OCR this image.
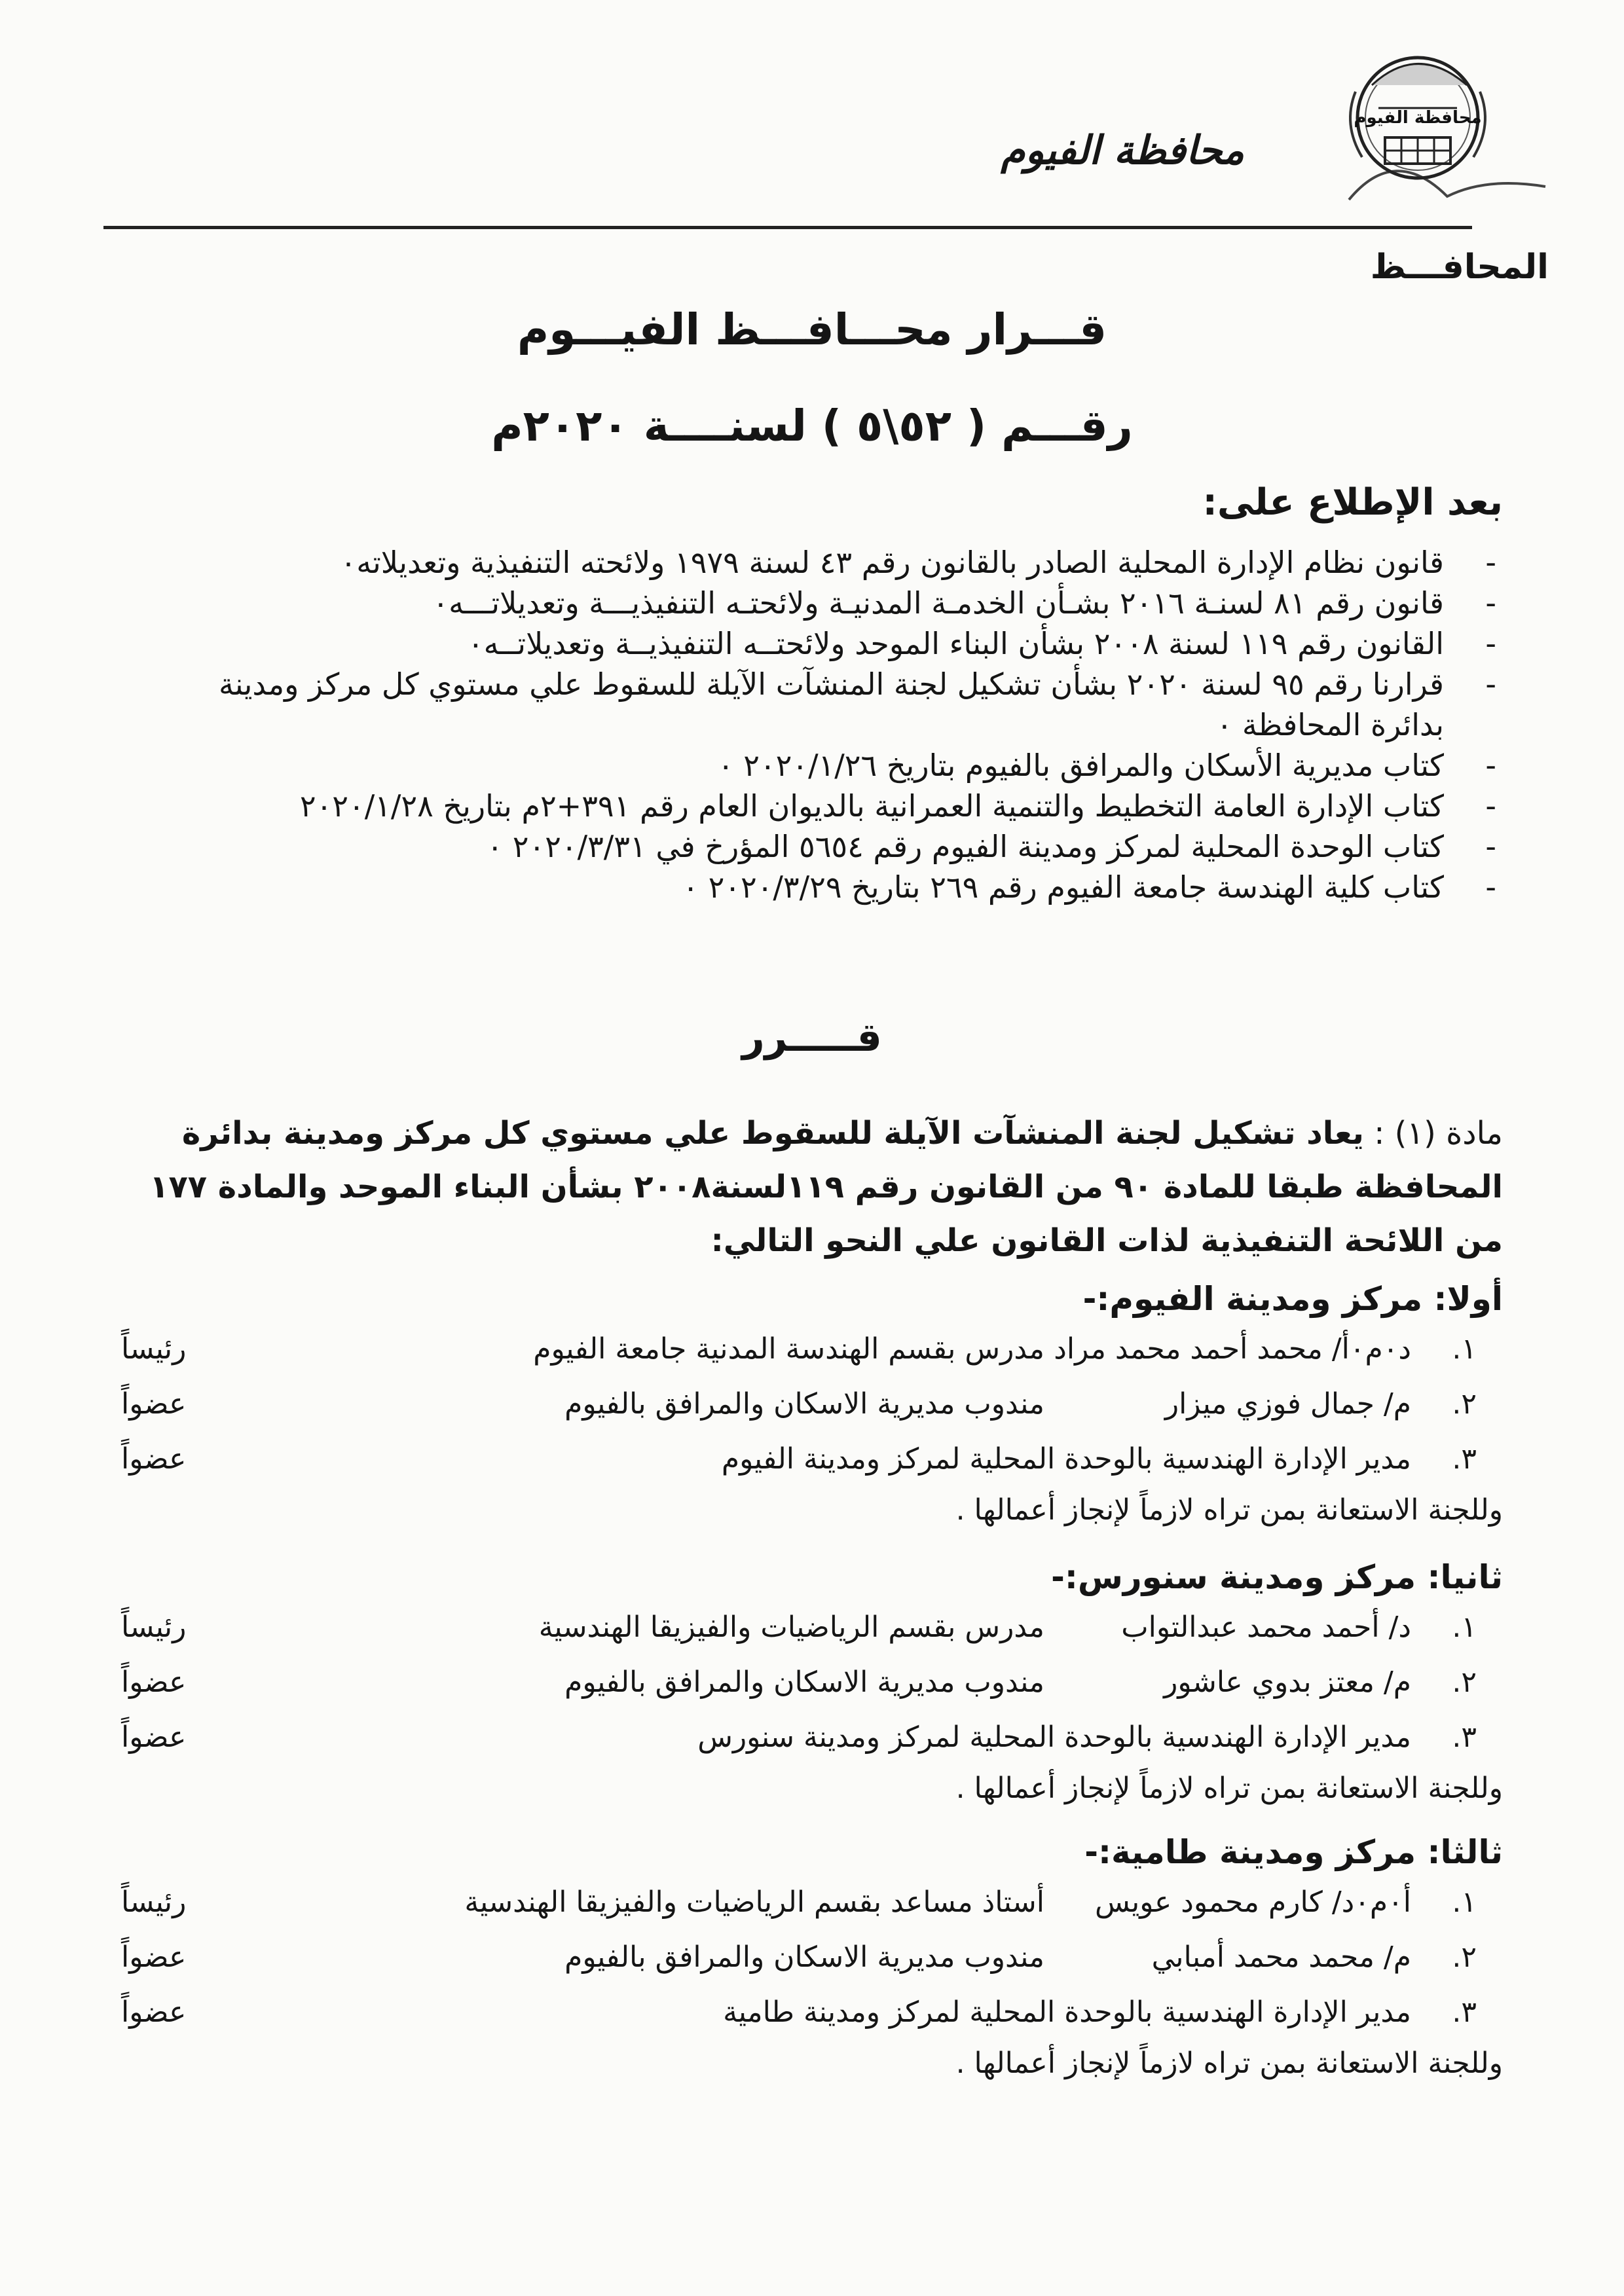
محافظة الفيوم
محافظة الفيوم
المحافـــظ
قـــرار محـــافـــظ الفيـــوم
رقـــم ( ٥٢\٥ ) لسنــــة ٢٠٢٠م
بعد الإطلاع على:
-
قانون نظام الإدارة المحلية الصادر بالقانون رقم ٤٣ لسنة ١٩٧٩ ولائحته التنفيذية وتعديلاته٠
-
قانون رقم ٨١ لسنـة ٢٠١٦ بشـأن الخدمـة المدنيـة ولائحتـه التنفيذيـــة وتعديلاتـــه٠
-
القانون رقم ١١٩ لسنة ٢٠٠٨ بشأن البناء الموحد ولائحتــه التنفيذيــة وتعديلاتــه٠
-
قرارنا رقم ٩٥ لسنة ٢٠٢٠ بشأن تشكيل لجنة المنشآت الآيلة للسقوط علي مستوي كل مركز ومدينة بدائرة المحافظة ٠
-
كتاب مديرية الأسكان والمرافق بالفيوم بتاريخ ٢٠٢٠/١/٢٦ ٠
-
كتاب الإدارة العامة التخطيط والتنمية العمرانية بالديوان العام رقم ٣٩١+٢م بتاريخ ٢٠٢٠/١/٢٨
-
كتاب الوحدة المحلية لمركز ومدينة الفيوم رقم ٥٦٥٤ المؤرخ في ٢٠٢٠/٣/٣١ ٠
-
كتاب كلية الهندسة جامعة الفيوم رقم ٢٦٩ بتاريخ ٢٠٢٠/٣/٢٩ ٠
قـــــرر
مادة (١) : يعاد تشكيل لجنة المنشآت الآيلة للسقوط علي مستوي كل مركز ومدينة بدائرة المحافظة طبقا للمادة ٩٠ من القانون رقم ١١٩لسنة٢٠٠٨ بشأن البناء الموحد والمادة ١٧٧ من اللائحة التنفيذية لذات القانون علي النحو التالي:
أولا: مركز ومدينة الفيوم:-
١.
د٠م٠أ/ محمد أحمد محمد مراد
مدرس بقسم الهندسة المدنية جامعة الفيوم
رئيساً
٢.
م/ جمال فوزي ميزار
مندوب مديرية الاسكان والمرافق بالفيوم
عضواً
٣.
مدير الإدارة الهندسية بالوحدة المحلية لمركز ومدينة الفيوم
عضواً
وللجنة الاستعانة بمن تراه لازماً لإنجاز أعمالها .
ثانيا: مركز ومدينة سنورس:-
١.
د/ أحمد محمد عبدالتواب
مدرس بقسم الرياضيات والفيزيقا الهندسية
رئيساً
٢.
م/ معتز بدوي عاشور
مندوب مديرية الاسكان والمرافق بالفيوم
عضواً
٣.
مدير الإدارة الهندسية بالوحدة المحلية لمركز ومدينة سنورس
عضواً
وللجنة الاستعانة بمن تراه لازماً لإنجاز أعمالها .
ثالثا: مركز ومدينة طامية:-
١.
أ٠م٠د/ كارم محمود عويس
أستاذ مساعد بقسم الرياضيات والفيزيقا الهندسية
رئيساً
٢.
م/ محمد محمد أمبابي
مندوب مديرية الاسكان والمرافق بالفيوم
عضواً
٣.
مدير الإدارة الهندسية بالوحدة المحلية لمركز ومدينة طامية
عضواً
وللجنة الاستعانة بمن تراه لازماً لإنجاز أعمالها .
